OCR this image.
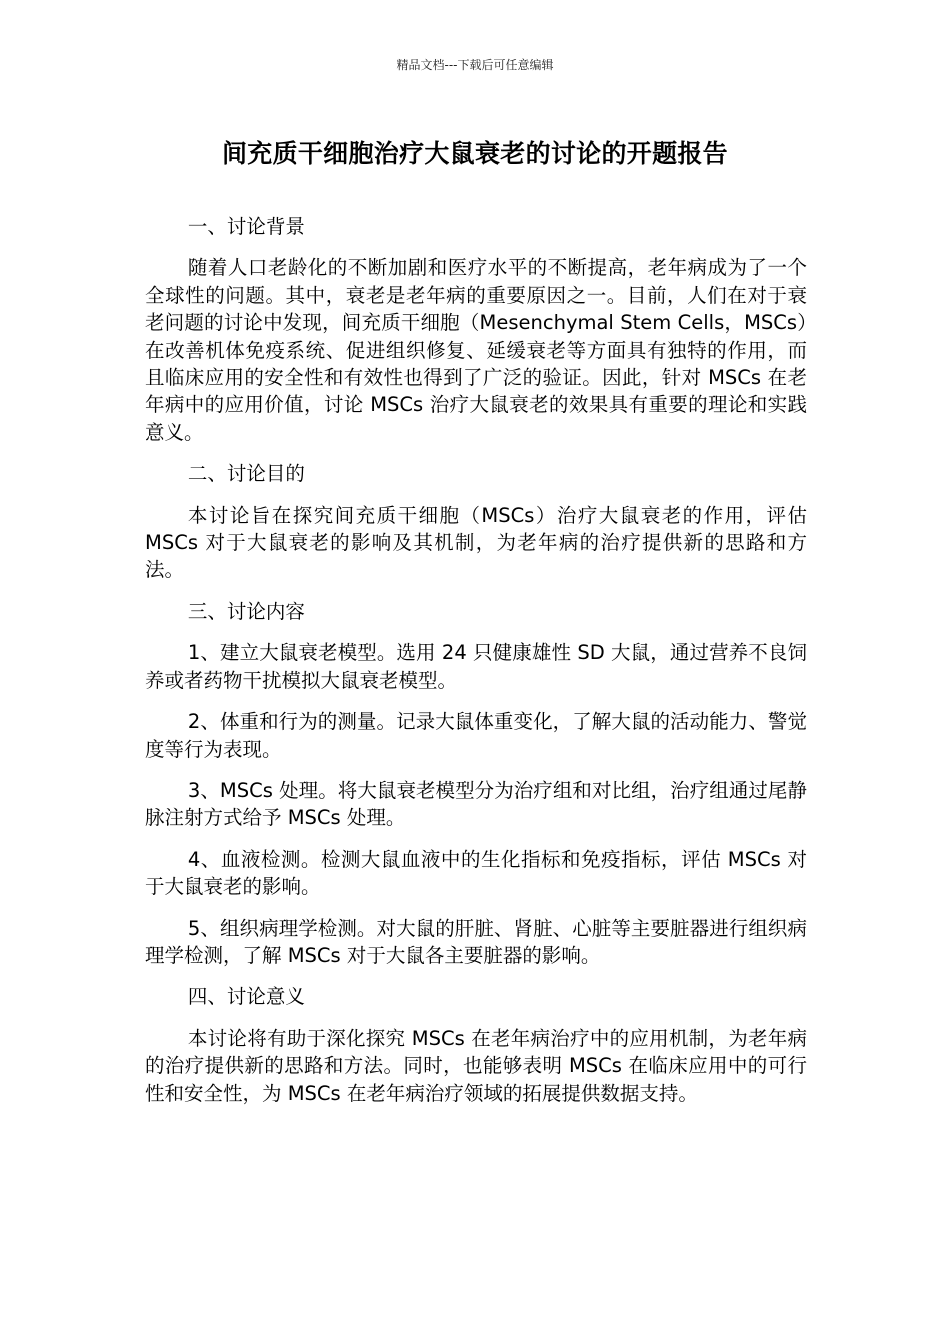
精品文档---下载后可任意编辑
间充质干细胞治疗大鼠衰老的讨论的开题报告

一、讨论背景

随着人口老龄化的不断加剧和医疗水平的不断提高，老年病成为了一个全球性的问题。其中，衰老是老年病的重要原因之一。目前，人们在对于衰老问题的讨论中发现，间充质干细胞（Mesenchymal Stem Cells，MSCs）在改善机体免疫系统、促进组织修复、延缓衰老等方面具有独特的作用，而且临床应用的安全性和有效性也得到了广泛的验证。因此，针对 MSCs 在老年病中的应用价值，讨论 MSCs 治疗大鼠衰老的效果具有重要的理论和实践意义。

二、讨论目的

本讨论旨在探究间充质干细胞（MSCs）治疗大鼠衰老的作用，评估 MSCs 对于大鼠衰老的影响及其机制，为老年病的治疗提供新的思路和方法。

三、讨论内容

1、建立大鼠衰老模型。选用 24 只健康雄性 SD 大鼠，通过营养不良饲养或者药物干扰模拟大鼠衰老模型。

2、体重和行为的测量。记录大鼠体重变化，了解大鼠的活动能力、警觉度等行为表现。

3、MSCs 处理。将大鼠衰老模型分为治疗组和对比组，治疗组通过尾静脉注射方式给予 MSCs 处理。

4、血液检测。检测大鼠血液中的生化指标和免疫指标，评估 MSCs 对于大鼠衰老的影响。

5、组织病理学检测。对大鼠的肝脏、肾脏、心脏等主要脏器进行组织病理学检测，了解 MSCs 对于大鼠各主要脏器的影响。

四、讨论意义

本讨论将有助于深化探究 MSCs 在老年病治疗中的应用机制，为老年病的治疗提供新的思路和方法。同时，也能够表明 MSCs 在临床应用中的可行性和安全性，为 MSCs 在老年病治疗领域的拓展提供数据支持。
